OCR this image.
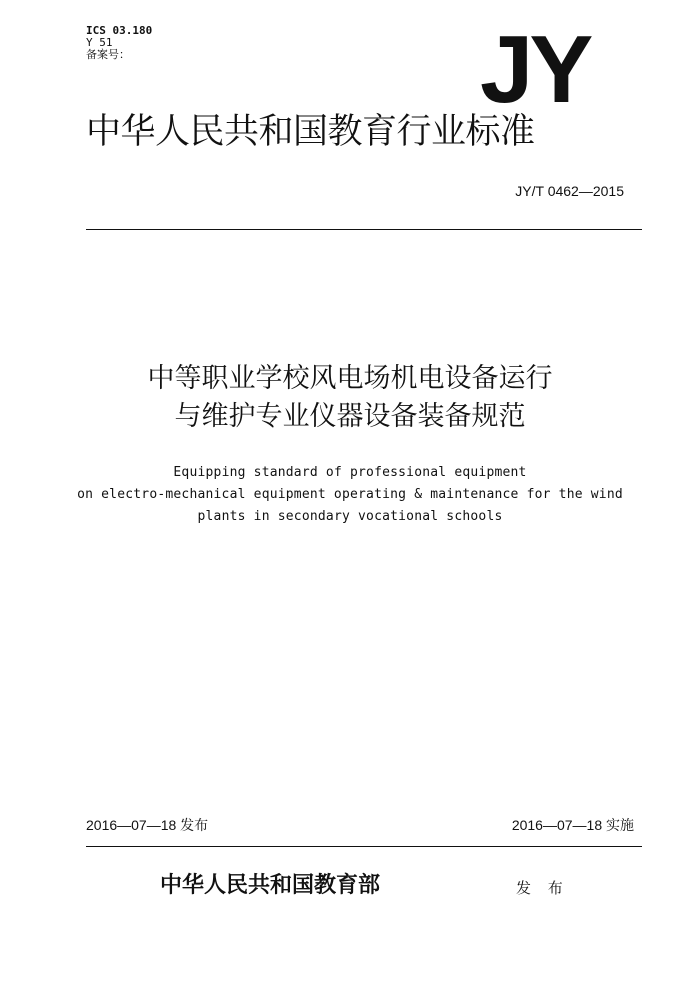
ICS 03.180
Y 51
备案号：	JY
中华人民共和国教育行业标准
JY/T 0462—2015
中等职业学校风电场机电设备运行
与维护专业仪器设备装备规范
Equipping standard of professional equipment
on electro-mechanical equipment operating & maintenance for the wind
plants in secondary vocational schools
2016—07—18 发布	2016—07—18 实施
中华人民共和国教育部	发 布
